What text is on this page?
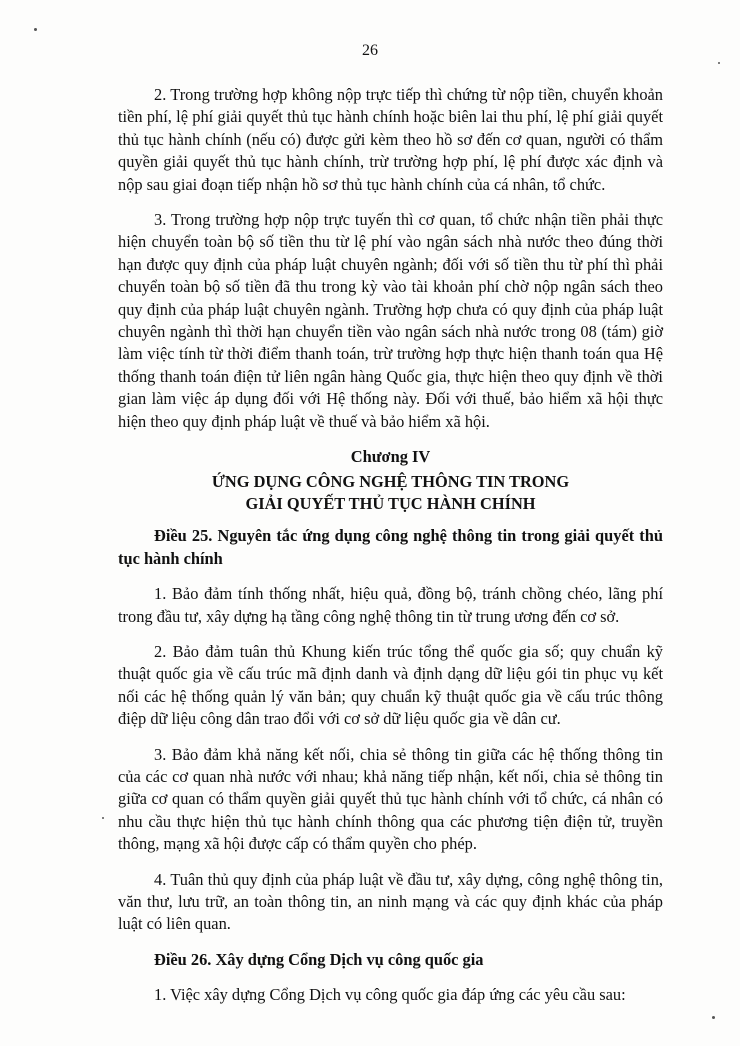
26

2. Trong trường hợp không nộp trực tiếp thì chứng từ nộp tiền, chuyển khoản tiền phí, lệ phí giải quyết thủ tục hành chính hoặc biên lai thu phí, lệ phí giải quyết thủ tục hành chính (nếu có) được gửi kèm theo hồ sơ đến cơ quan, người có thẩm quyền giải quyết thủ tục hành chính, trừ trường hợp phí, lệ phí được xác định và nộp sau giai đoạn tiếp nhận hồ sơ thủ tục hành chính của cá nhân, tổ chức.

3. Trong trường hợp nộp trực tuyến thì cơ quan, tổ chức nhận tiền phải thực hiện chuyển toàn bộ số tiền thu từ lệ phí vào ngân sách nhà nước theo đúng thời hạn được quy định của pháp luật chuyên ngành; đối với số tiền thu từ phí thì phải chuyển toàn bộ số tiền đã thu trong kỳ vào tài khoản phí chờ nộp ngân sách theo quy định của pháp luật chuyên ngành. Trường hợp chưa có quy định của pháp luật chuyên ngành thì thời hạn chuyển tiền vào ngân sách nhà nước trong 08 (tám) giờ làm việc tính từ thời điểm thanh toán, trừ trường hợp thực hiện thanh toán qua Hệ thống thanh toán điện tử liên ngân hàng Quốc gia, thực hiện theo quy định về thời gian làm việc áp dụng đối với Hệ thống này. Đối với thuế, bảo hiểm xã hội thực hiện theo quy định pháp luật về thuế và bảo hiểm xã hội.

Chương IV
ỨNG DỤNG CÔNG NGHỆ THÔNG TIN TRONG
GIẢI QUYẾT THỦ TỤC HÀNH CHÍNH
Điều 25. Nguyên tắc ứng dụng công nghệ thông tin trong giải quyết thủ tục hành chính

1. Bảo đảm tính thống nhất, hiệu quả, đồng bộ, tránh chồng chéo, lãng phí trong đầu tư, xây dựng hạ tầng công nghệ thông tin từ trung ương đến cơ sở.

2. Bảo đảm tuân thủ Khung kiến trúc tổng thể quốc gia số; quy chuẩn kỹ thuật quốc gia về cấu trúc mã định danh và định dạng dữ liệu gói tin phục vụ kết nối các hệ thống quản lý văn bản; quy chuẩn kỹ thuật quốc gia về cấu trúc thông điệp dữ liệu công dân trao đổi với cơ sở dữ liệu quốc gia về dân cư.

3. Bảo đảm khả năng kết nối, chia sẻ thông tin giữa các hệ thống thông tin của các cơ quan nhà nước với nhau; khả năng tiếp nhận, kết nối, chia sẻ thông tin giữa cơ quan có thẩm quyền giải quyết thủ tục hành chính với tổ chức, cá nhân có nhu cầu thực hiện thủ tục hành chính thông qua các phương tiện điện tử, truyền thông, mạng xã hội được cấp có thẩm quyền cho phép.

4. Tuân thủ quy định của pháp luật về đầu tư, xây dựng, công nghệ thông tin, văn thư, lưu trữ, an toàn thông tin, an ninh mạng và các quy định khác của pháp luật có liên quan.

Điều 26. Xây dựng Cổng Dịch vụ công quốc gia

1. Việc xây dựng Cổng Dịch vụ công quốc gia đáp ứng các yêu cầu sau:
